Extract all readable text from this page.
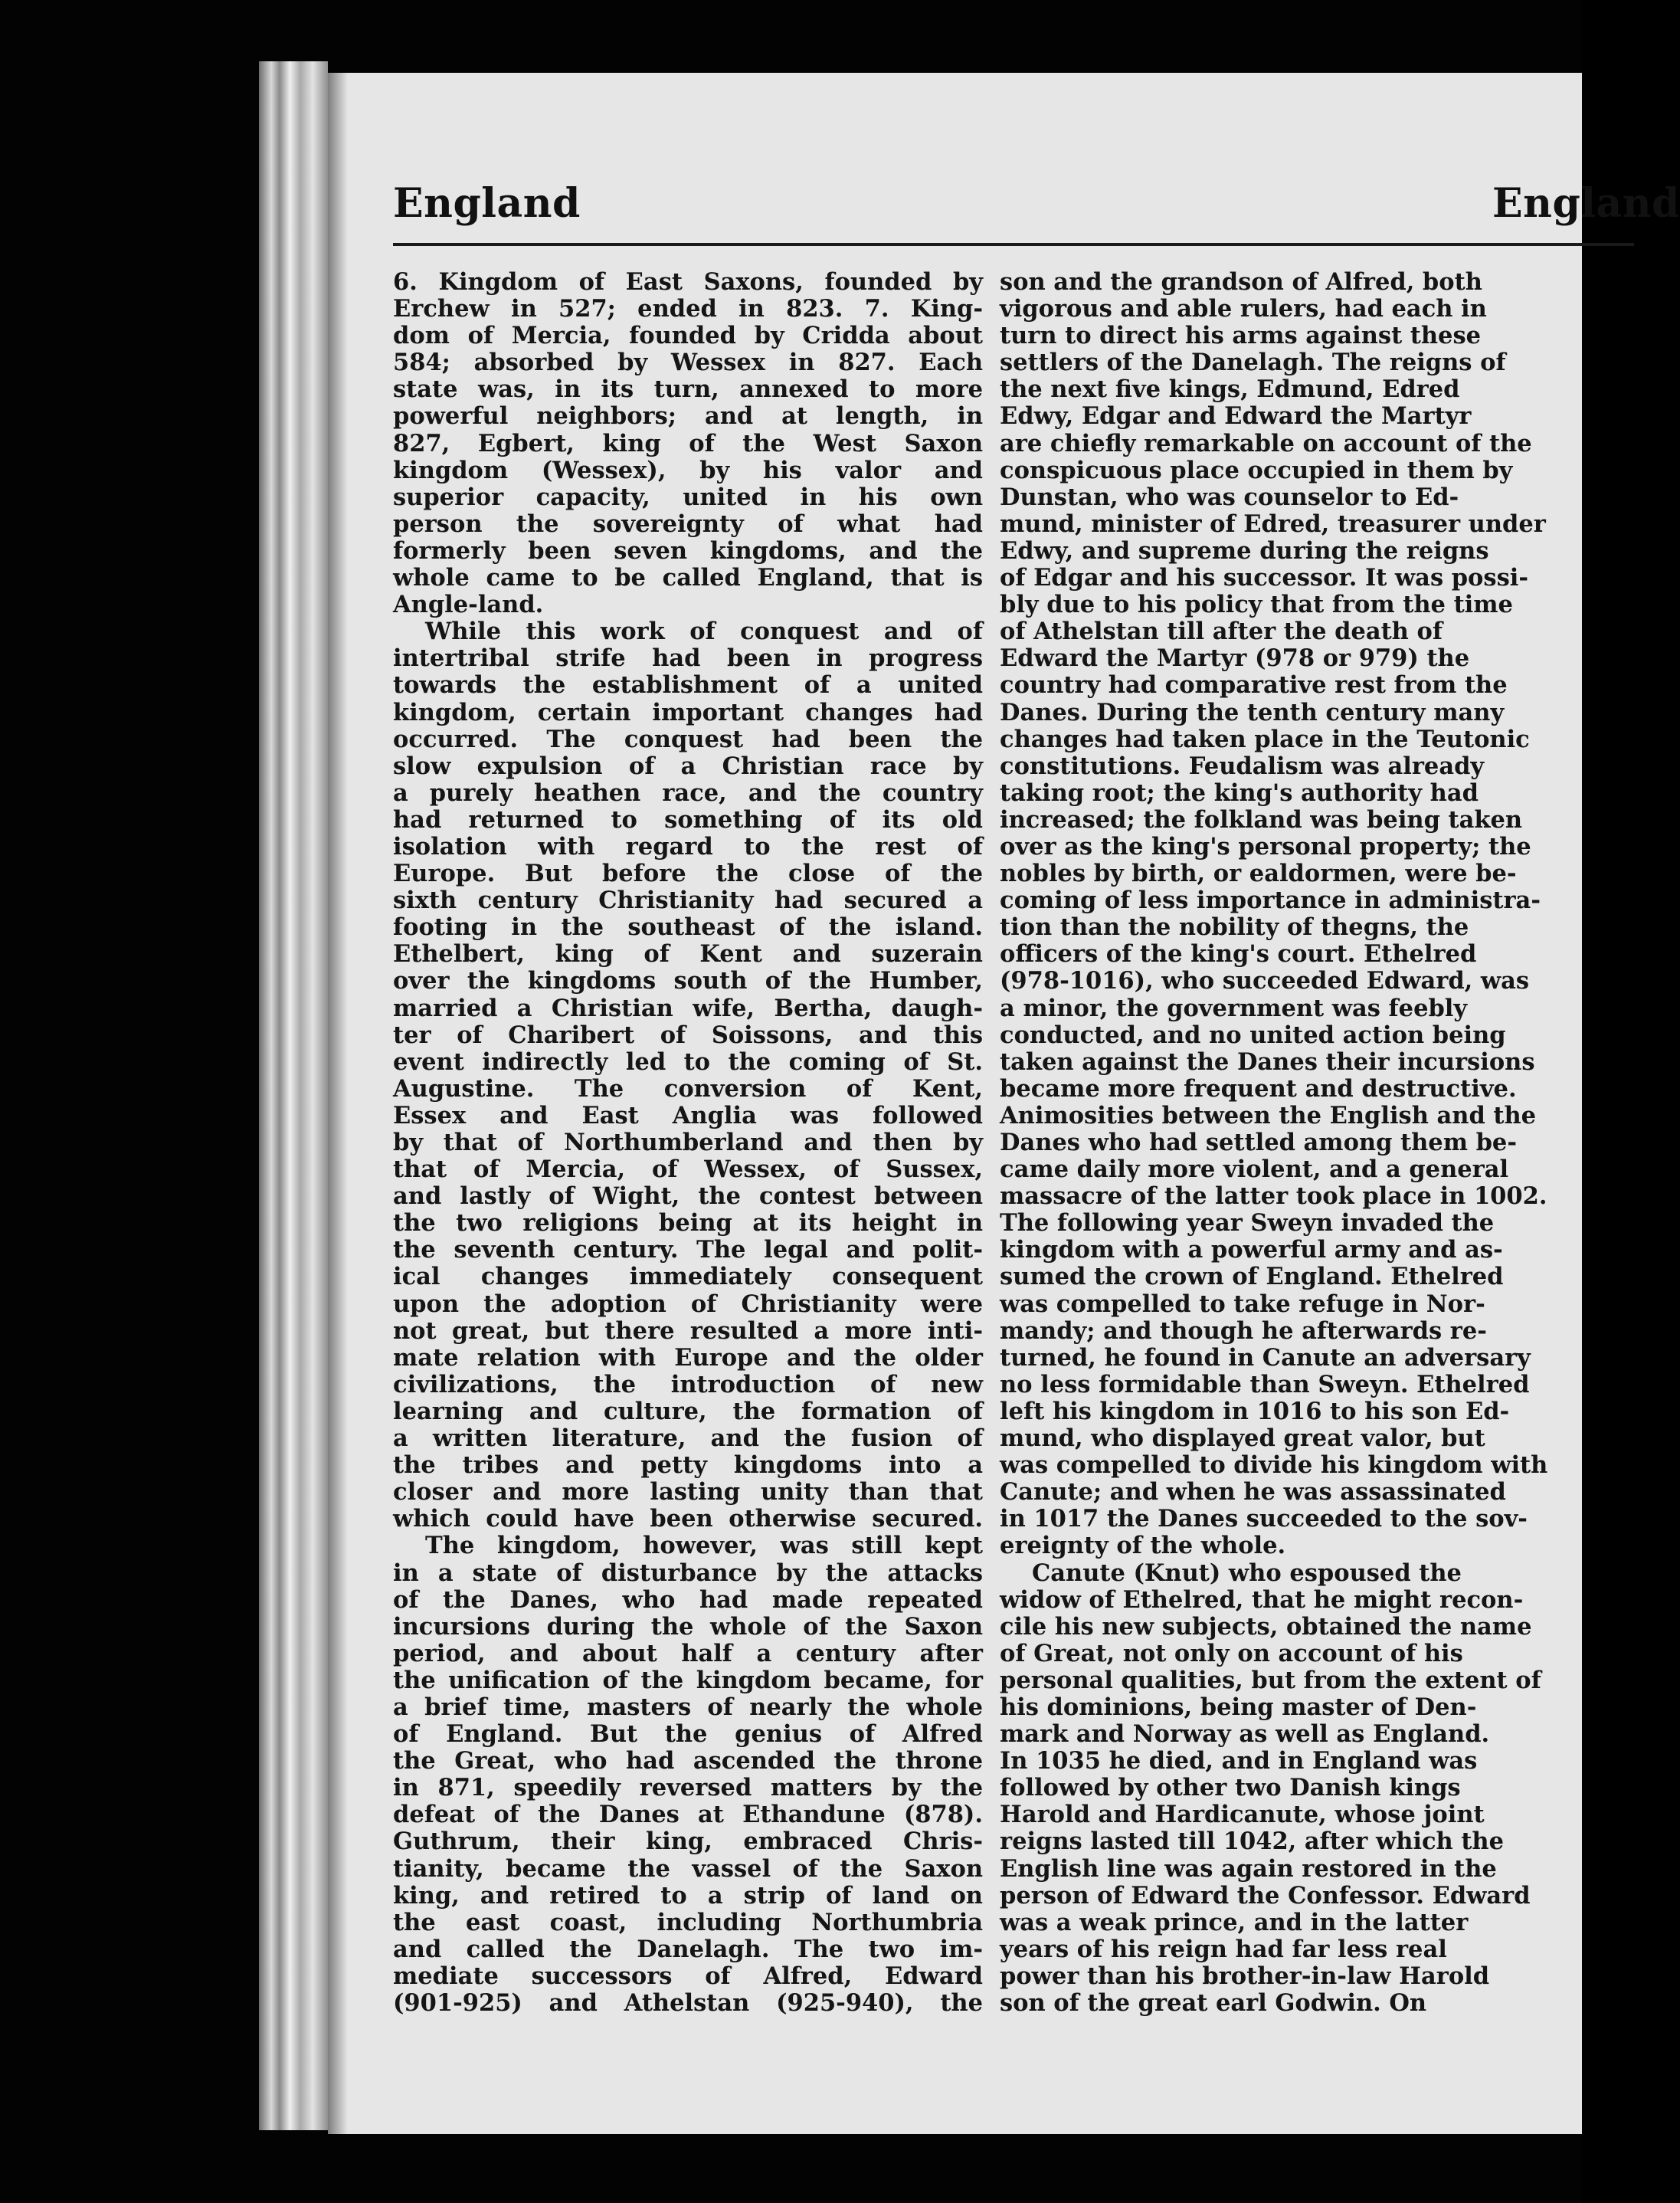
England	England
6. Kingdom of East Saxons, founded by
Erchew in 527; ended in 823. 7. King-
dom of Mercia, founded by Cridda about
584; absorbed by Wessex in 827. Each
state was, in its turn, annexed to more
powerful neighbors; and at length, in
827, Egbert, king of the West Saxon
kingdom (Wessex), by his valor and
superior capacity, united in his own
person the sovereignty of what had
formerly been seven kingdoms, and the
whole came to be called England, that is
Angle-land.
While this work of conquest and of
intertribal strife had been in progress
towards the establishment of a united
kingdom, certain important changes had
occurred. The conquest had been the
slow expulsion of a Christian race by
a purely heathen race, and the country
had returned to something of its old
isolation with regard to the rest of
Europe. But before the close of the
sixth century Christianity had secured a
footing in the southeast of the island.
Ethelbert, king of Kent and suzerain
over the kingdoms south of the Humber,
married a Christian wife, Bertha, daugh-
ter of Charibert of Soissons, and this
event indirectly led to the coming of St.
Augustine. The conversion of Kent,
Essex and East Anglia was followed
by that of Northumberland and then by
that of Mercia, of Wessex, of Sussex,
and lastly of Wight, the contest between
the two religions being at its height in
the seventh century. The legal and polit-
ical changes immediately consequent
upon the adoption of Christianity were
not great, but there resulted a more inti-
mate relation with Europe and the older
civilizations, the introduction of new
learning and culture, the formation of
a written literature, and the fusion of
the tribes and petty kingdoms into a
closer and more lasting unity than that
which could have been otherwise secured.
The kingdom, however, was still kept
in a state of disturbance by the attacks
of the Danes, who had made repeated
incursions during the whole of the Saxon
period, and about half a century after
the unification of the kingdom became, for
a brief time, masters of nearly the whole
of England. But the genius of Alfred
the Great, who had ascended the throne
in 871, speedily reversed matters by the
defeat of the Danes at Ethandune (878).
Guthrum, their king, embraced Chris-
tianity, became the vassel of the Saxon
king, and retired to a strip of land on
the east coast, including Northumbria
and called the Danelagh. The two im-
mediate successors of Alfred, Edward
(901-925) and Athelstan (925-940), the
son and the grandson of Alfred, both
vigorous and able rulers, had each in
turn to direct his arms against these
settlers of the Danelagh. The reigns of
the next five kings, Edmund, Edred
Edwy, Edgar and Edward the Martyr
are chiefly remarkable on account of the
conspicuous place occupied in them by
Dunstan, who was counselor to Ed-
mund, minister of Edred, treasurer under
Edwy, and supreme during the reigns
of Edgar and his successor. It was possi-
bly due to his policy that from the time
of Athelstan till after the death of
Edward the Martyr (978 or 979) the
country had comparative rest from the
Danes. During the tenth century many
changes had taken place in the Teutonic
constitutions. Feudalism was already
taking root; the king's authority had
increased; the folkland was being taken
over as the king's personal property; the
nobles by birth, or ealdormen, were be-
coming of less importance in administra-
tion than the nobility of thegns, the
officers of the king's court. Ethelred
(978-1016), who succeeded Edward, was
a minor, the government was feebly
conducted, and no united action being
taken against the Danes their incursions
became more frequent and destructive.
Animosities between the English and the
Danes who had settled among them be-
came daily more violent, and a general
massacre of the latter took place in 1002.
The following year Sweyn invaded the
kingdom with a powerful army and as-
sumed the crown of England. Ethelred
was compelled to take refuge in Nor-
mandy; and though he afterwards re-
turned, he found in Canute an adversary
no less formidable than Sweyn. Ethelred
left his kingdom in 1016 to his son Ed-
mund, who displayed great valor, but
was compelled to divide his kingdom with
Canute; and when he was assassinated
in 1017 the Danes succeeded to the sov-
ereignty of the whole.
Canute (Knut) who espoused the
widow of Ethelred, that he might recon-
cile his new subjects, obtained the name
of Great, not only on account of his
personal qualities, but from the extent of
his dominions, being master of Den-
mark and Norway as well as England.
In 1035 he died, and in England was
followed by other two Danish kings
Harold and Hardicanute, whose joint
reigns lasted till 1042, after which the
English line was again restored in the
person of Edward the Confessor. Edward
was a weak prince, and in the latter
years of his reign had far less real
power than his brother-in-law Harold
son of the great earl Godwin. On
